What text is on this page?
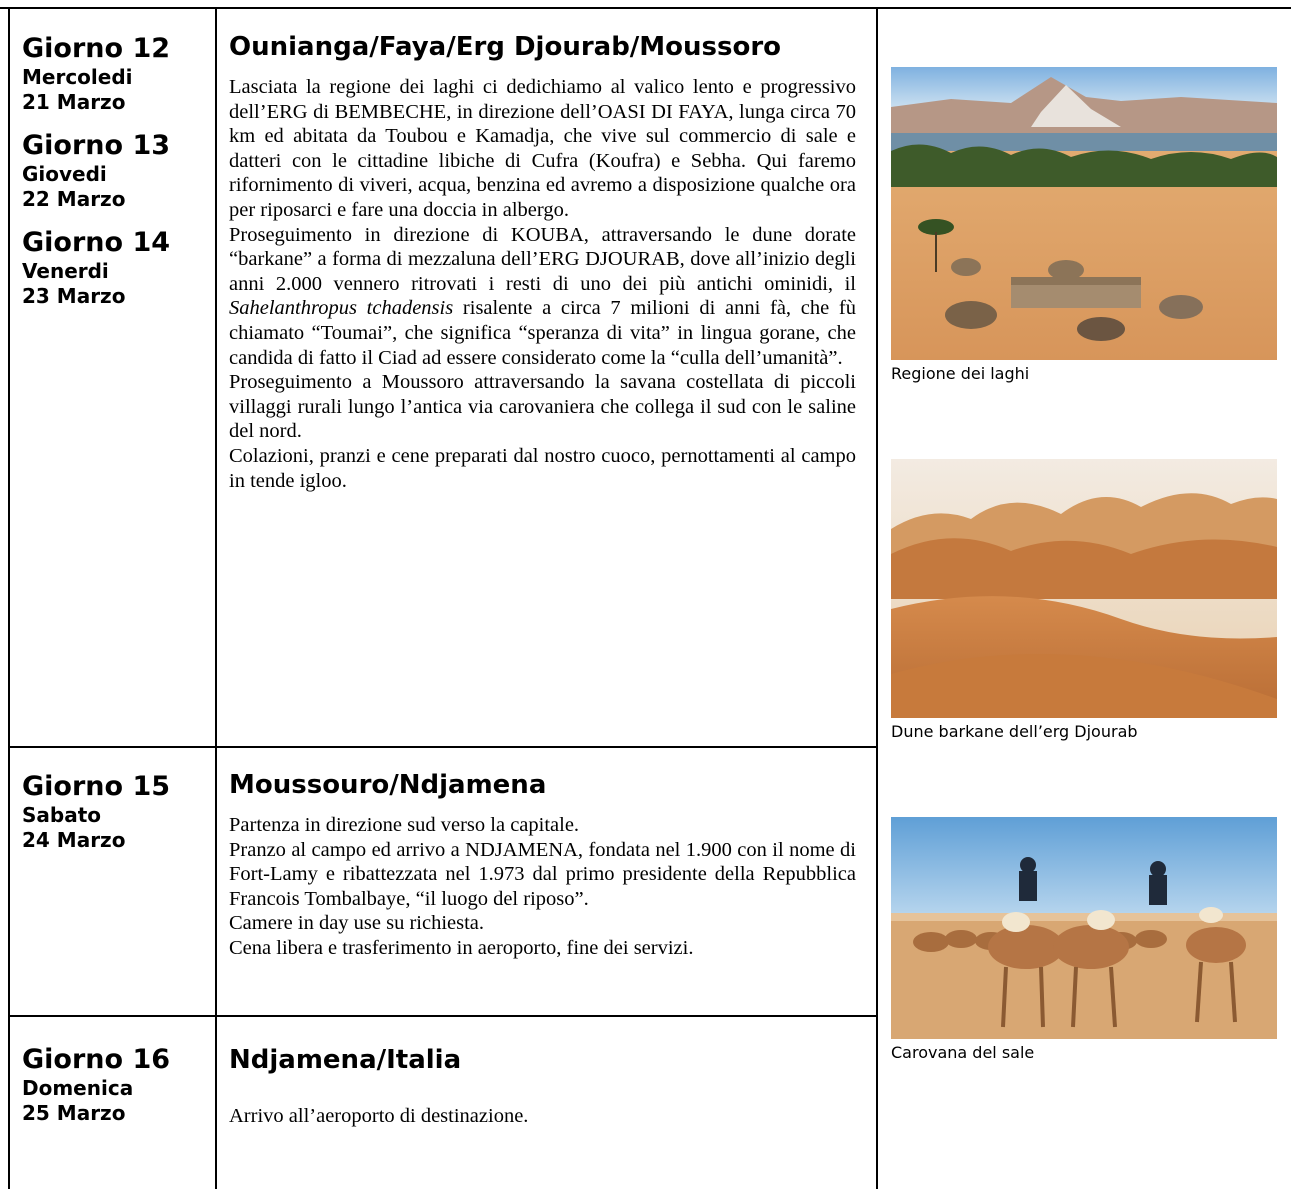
Giorno 12
Mercoledi
21 Marzo
Giorno 13
Giovedi
22 Marzo
Giorno 14
Venerdi
23 Marzo
Ounianga/Faya/Erg Djourab/Moussoro

Lasciata la regione dei laghi ci dedichiamo al valico lento e progressivo dell’ERG di BEMBECHE, in direzione dell’OASI DI FAYA, lunga circa 70 km ed abitata da Toubou e Kamadja, che vive sul commercio di sale e datteri con le cittadine libiche di Cufra (Koufra) e Sebha. Qui faremo rifornimento di viveri, acqua, benzina ed avremo a disposizione qualche ora per riposarci e fare una doccia in albergo.

Proseguimento in direzione di KOUBA, attraversando le dune dorate “barkane” a forma di mezzaluna dell’ERG DJOURAB, dove all’inizio degli anni 2.000 vennero ritrovati i resti di uno dei più antichi ominidi, il Sahelanthropus tchadensis risalente a circa 7 milioni di anni fà, che fù chiamato “Toumai”, che significa “speranza di vita” in lingua gorane, che candida di fatto il Ciad ad essere considerato come la “culla dell’umanità”.

Proseguimento a Moussoro attraversando la savana costellata di piccoli villaggi rurali lungo l’antica via carovaniera che collega il sud con le saline del nord.

Colazioni, pranzi e cene preparati dal nostro cuoco, pernottamenti al campo in tende igloo.

Giorno 15
Sabato
24 Marzo
Moussouro/Ndjamena

Partenza in direzione sud verso la capitale.

Pranzo al campo ed arrivo a NDJAMENA, fondata nel 1.900 con il nome di Fort-Lamy e ribattezzata nel 1.973 dal primo presidente della Repubblica Francois Tombalbaye, “il luogo del riposo”.

Camere in day use su richiesta.

Cena libera e trasferimento in aeroporto, fine dei servizi.

Giorno 16
Domenica
25 Marzo
Ndjamena/Italia

Arrivo all’aeroporto di destinazione.

Regione dei laghi
Dune barkane dell’erg Djourab
Carovana del sale
